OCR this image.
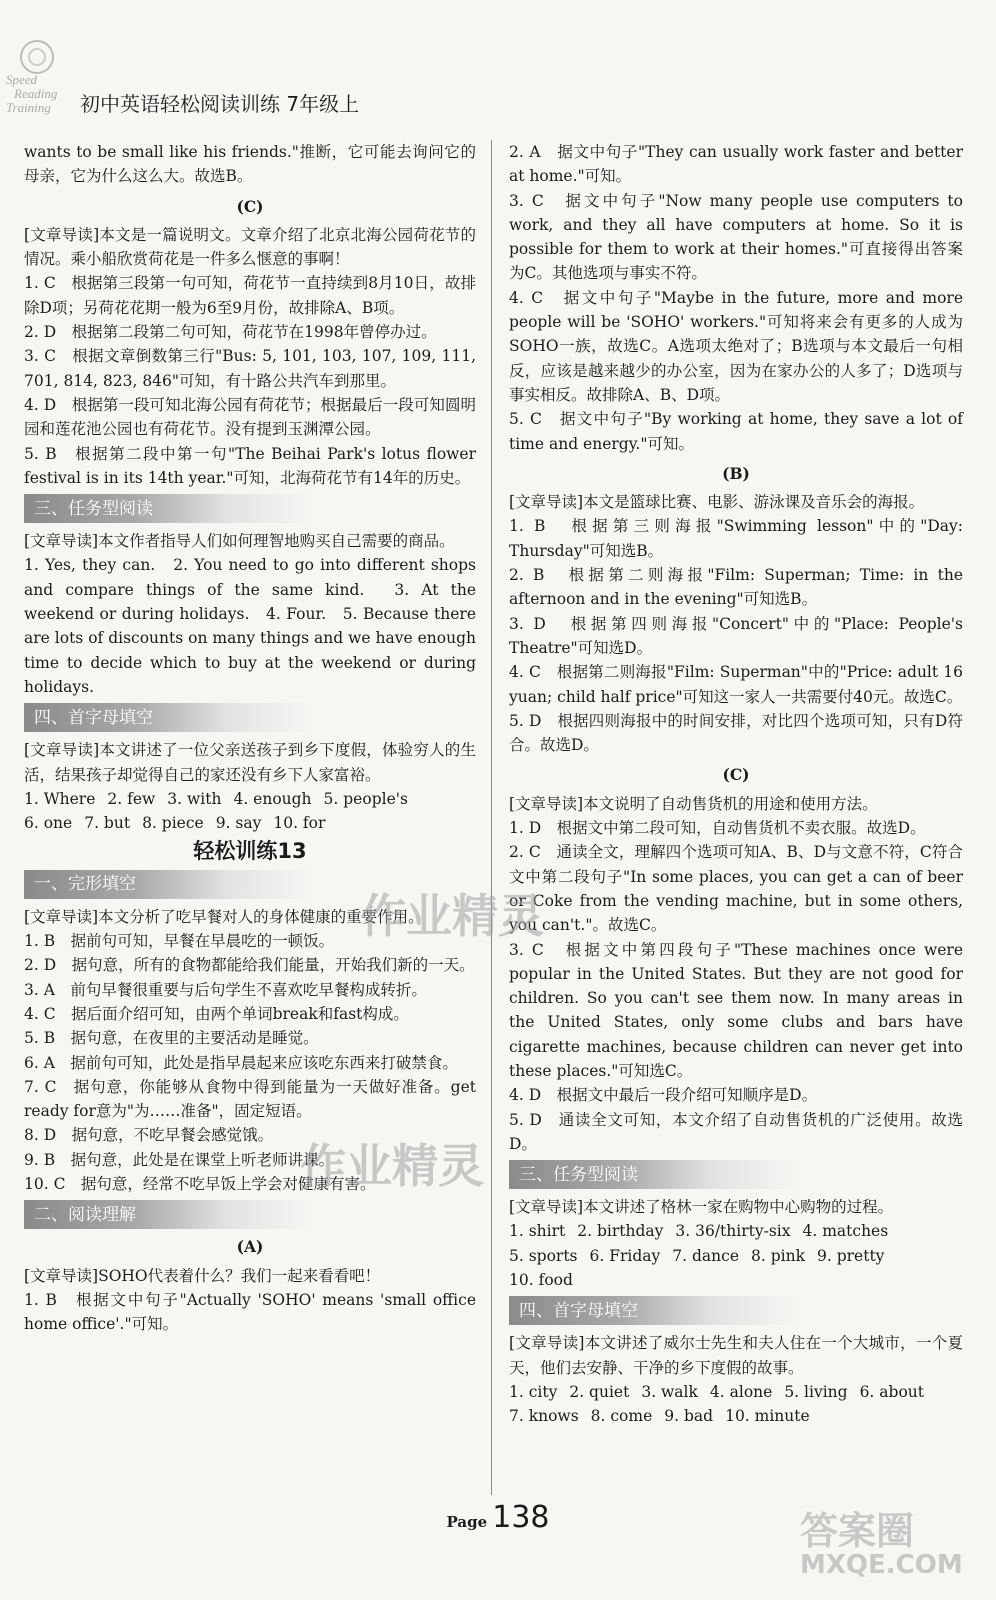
Speed
Reading
Training 初中英语轻松阅读训练 7年级上

wants to be small like his friends."推断，它可能去询问它的母亲，它为什么这么大。故选B。

(C)

[文章导读]本文是一篇说明文。文章介绍了北京北海公园荷花节的情况。乘小船欣赏荷花是一件多么惬意的事啊！

1. C　根据第三段第一句可知，荷花节一直持续到8月10日，故排除D项；另荷花花期一般为6至9月份，故排除A、B项。

2. D　根据第二段第二句可知，荷花节在1998年曾停办过。

3. C　根据文章倒数第三行"Bus: 5, 101, 103, 107, 109, 111, 701, 814, 823, 846"可知，有十路公共汽车到那里。

4. D　根据第一段可知北海公园有荷花节；根据最后一段可知圆明园和莲花池公园也有荷花节。没有提到玉渊潭公园。

5. B　根据第二段中第一句"The Beihai Park's lotus flower festival is in its 14th year."可知，北海荷花节有14年的历史。

三、任务型阅读

[文章导读]本文作者指导人们如何理智地购买自己需要的商品。

1. Yes, they can.　2. You need to go into different shops and compare things of the same kind.　3. At the weekend or during holidays.　4. Four.　5. Because there are lots of discounts on many things and we have enough time to decide which to buy at the weekend or during holidays.

四、首字母填空

[文章导读]本文讲述了一位父亲送孩子到乡下度假，体验穷人的生活，结果孩子却觉得自己的家还没有乡下人家富裕。

1. Where 2. few 3. with 4. enough 5. people's
6. one 7. but 8. piece 9. say 10. for
轻松训练13
一、完形填空

[文章导读]本文分析了吃早餐对人的身体健康的重要作用。

1. B　据前句可知，早餐在早晨吃的一顿饭。

2. D　据句意，所有的食物都能给我们能量，开始我们新的一天。

3. A　前句早餐很重要与后句学生不喜欢吃早餐构成转折。

4. C　据后面介绍可知，由两个单词break和fast构成。

5. B　据句意，在夜里的主要活动是睡觉。

6. A　据前句可知，此处是指早晨起来应该吃东西来打破禁食。

7. C　据句意，你能够从食物中得到能量为一天做好准备。get ready for意为"为……准备"，固定短语。

8. D　据句意，不吃早餐会感觉饿。

9. B　据句意，此处是在课堂上听老师讲课。

10. C　据句意，经常不吃早饭上学会对健康有害。

二、阅读理解
(A)

[文章导读]SOHO代表着什么？我们一起来看看吧！

1. B　根据文中句子"Actually 'SOHO' means 'small office home office'."可知。

2. A　据文中句子"They can usually work faster and better at home."可知。

3. C　据文中句子"Now many people use computers to work, and they all have computers at home. So it is possible for them to work at their homes."可直接得出答案为C。其他选项与事实不符。

4. C　据文中句子"Maybe in the future, more and more people will be 'SOHO' workers."可知将来会有更多的人成为SOHO一族，故选C。A选项太绝对了；B选项与本文最后一句相反，应该是越来越少的办公室，因为在家办公的人多了；D选项与事实相反。故排除A、B、D项。

5. C　据文中句子"By working at home, they save a lot of time and energy."可知。

(B)

[文章导读]本文是篮球比赛、电影、游泳课及音乐会的海报。

1. B　根据第三则海报"Swimming lesson"中的"Day: Thursday"可知选B。

2. B　根据第二则海报"Film: Superman; Time: in the afternoon and in the evening"可知选B。

3. D　根据第四则海报"Concert"中的"Place: People's Theatre"可知选D。

4. C　根据第二则海报"Film: Superman"中的"Price: adult 16 yuan; child half price"可知这一家人一共需要付40元。故选C。

5. D　根据四则海报中的时间安排，对比四个选项可知，只有D符合。故选D。

(C)

[文章导读]本文说明了自动售货机的用途和使用方法。

1. D　根据文中第二段可知，自动售货机不卖衣服。故选D。

2. C　通读全文，理解四个选项可知A、B、D与文意不符，C符合文中第二段句子"In some places, you can get a can of beer or Coke from the vending machine, but in some others, you can't."。故选C。

3. C　根据文中第四段句子"These machines once were popular in the United States. But they are not good for children. So you can't see them now. In many areas in the United States, only some clubs and bars have cigarette machines, because children can never get into these places."可知选C。

4. D　根据文中最后一段介绍可知顺序是D。

5. D　通读全文可知，本文介绍了自动售货机的广泛使用。故选D。

三、任务型阅读

[文章导读]本文讲述了格林一家在购物中心购物的过程。

1. shirt 2. birthday 3. 36/thirty-six 4. matches
5. sports 6. Friday 7. dance 8. pink 9. pretty
10. food
四、首字母填空

[文章导读]本文讲述了威尔士先生和夫人住在一个大城市，一个夏天，他们去安静、干净的乡下度假的故事。

1. city 2. quiet 3. walk 4. alone 5. living 6. about
7. knows 8. come 9. bad 10. minute
作业精灵
作业精灵
答案圈
MXQE.COM
Page 138
